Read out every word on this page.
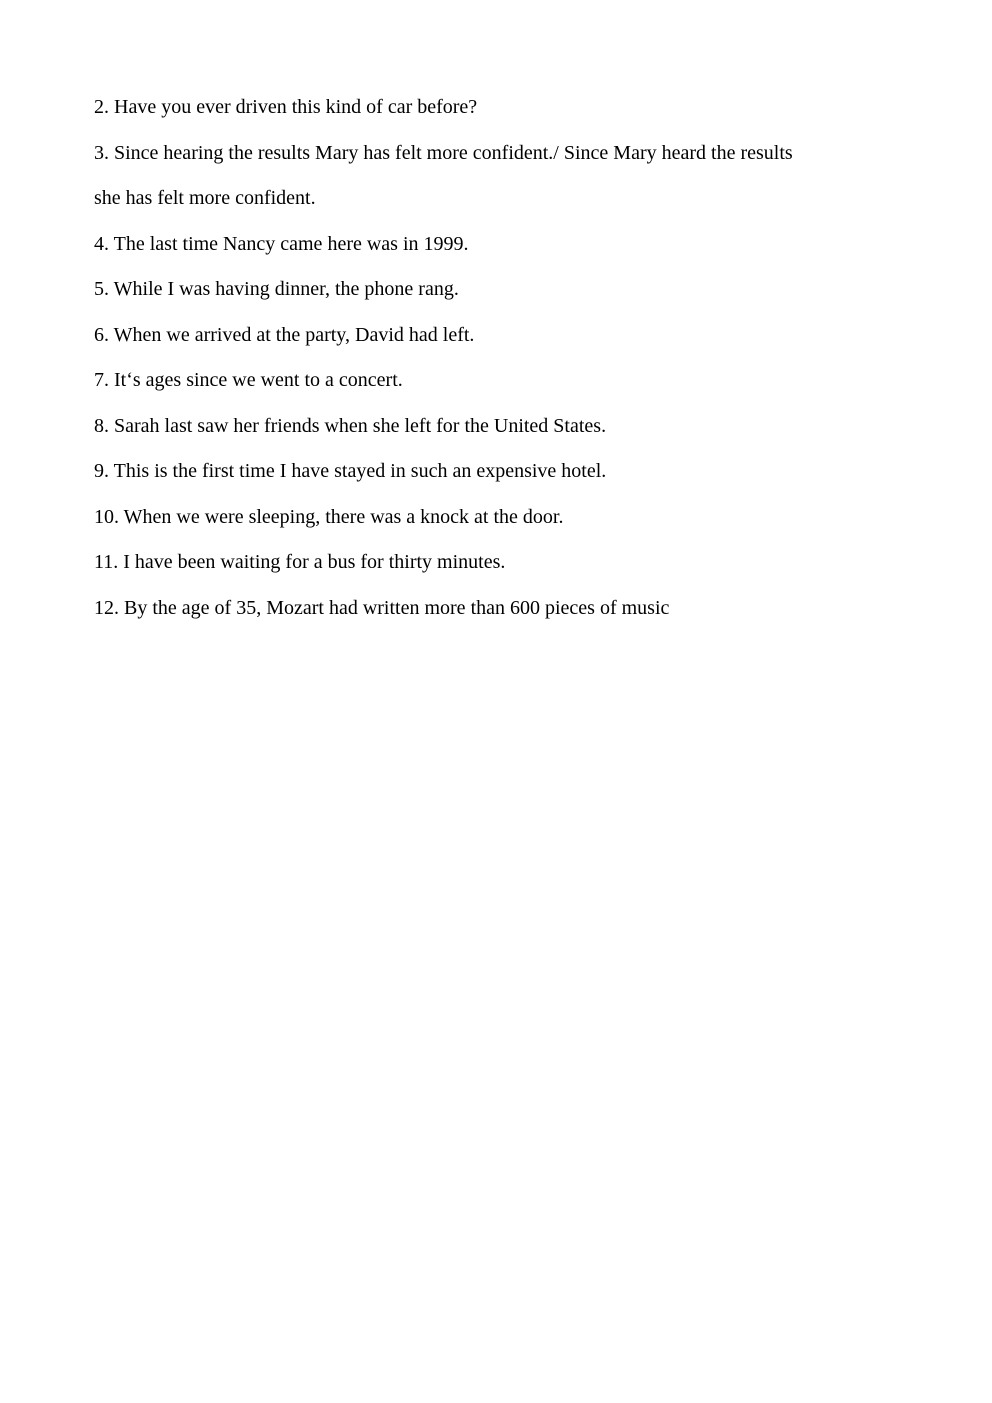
2. Have you ever driven this kind of car before?

3. Since hearing the results Mary has felt more confident./ Since Mary heard the results

she has felt more confident.

4. The last time Nancy came here was in 1999.

5. While I was having dinner, the phone rang.

6. When we arrived at the party, David had left.

7. It‘s ages since we went to a concert.

8. Sarah last saw her friends when she left for the United States.

9. This is the first time I have stayed in such an expensive hotel.

10. When we were sleeping, there was a knock at the door.

11. I have been waiting for a bus for thirty minutes.

12. By the age of 35, Mozart had written more than 600 pieces of music
